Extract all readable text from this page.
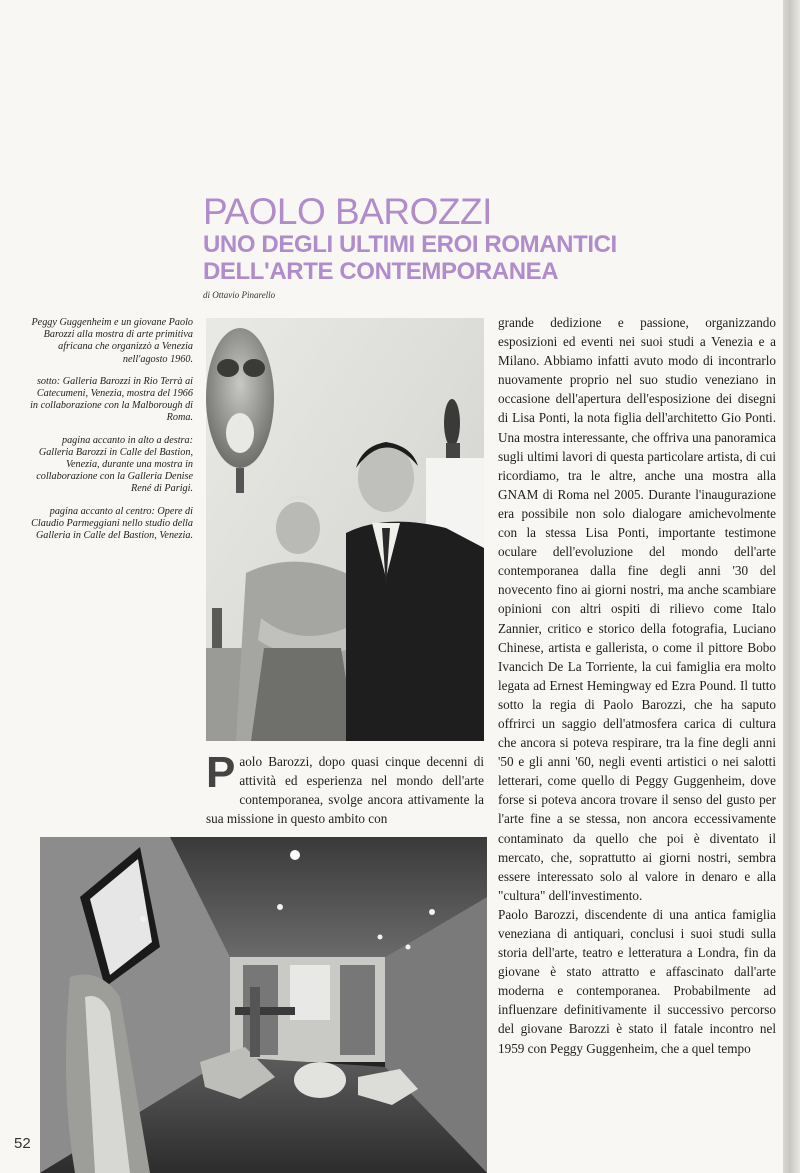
PAOLO BAROZZI
UNO DEGLI ULTIMI EROI ROMANTICI
DELL'ARTE CONTEMPORANEA
di Ottavio Pinarello

Peggy Guggenheim e un giovane Paolo Barozzi alla mostra di arte primitiva africana che organizzò a Venezia nell'agosto 1960.

sotto: Galleria Barozzi in Rio Terrà ai Catecumeni, Venezia, mostra del 1966 in collaborazione con la Malborough di Roma.

pagina accanto in alto a destra: Galleria Barozzi in Calle del Bastion, Venezia, durante una mostra in collaborazione con la Galleria Denise René di Parigi.

pagina accanto al centro: Opere di Claudio Parmeggiani nello studio della Galleria in Calle del Bastion, Venezia.

Paolo Barozzi, dopo quasi cinque decenni di attività ed esperienza nel mondo dell'arte contemporanea, svolge ancora attivamente la sua missione in questo ambito con

grande dedizione e passione, organizzando esposizioni ed eventi nei suoi studi a Venezia e a Milano. Abbiamo infatti avuto modo di incontrarlo nuovamente proprio nel suo studio veneziano in occasione dell'apertura dell'esposizione dei disegni di Lisa Ponti, la nota figlia dell'architetto Gio Ponti. Una mostra interessante, che offriva una panoramica sugli ultimi lavori di questa particolare artista, di cui ricordiamo, tra le altre, anche una mostra alla GNAM di Roma nel 2005. Durante l'inaugurazione era possibile non solo dialogare amichevolmente con la stessa Lisa Ponti, importante testimone oculare dell'evoluzione del mondo dell'arte contemporanea dalla fine degli anni '30 del novecento fino ai giorni nostri, ma anche scambiare opinioni con altri ospiti di rilievo come Italo Zannier, critico e storico della fotografia, Luciano Chinese, artista e gallerista, o come il pittore Bobo Ivancich De La Torriente, la cui famiglia era molto legata ad Ernest Hemingway ed Ezra Pound. Il tutto sotto la regia di Paolo Barozzi, che ha saputo offrirci un saggio dell'atmosfera carica di cultura che ancora si poteva respirare, tra la fine degli anni '50 e gli anni '60, negli eventi artistici o nei salotti letterari, come quello di Peggy Guggenheim, dove forse si poteva ancora trovare il senso del gusto per l'arte fine a se stessa, non ancora eccessivamente contaminato da quello che poi è diventato il mercato, che, soprattutto ai giorni nostri, sembra essere interessato solo al valore in denaro e alla "cultura" dell'investimento.

Paolo Barozzi, discendente di una antica famiglia veneziana di antiquari, conclusi i suoi studi sulla storia dell'arte, teatro e letteratura a Londra, fin da giovane è stato attratto e affascinato dall'arte moderna e contemporanea. Probabilmente ad influenzare definitivamente il successivo percorso del giovane Barozzi è stato il fatale incontro nel 1959 con Peggy Guggenheim, che a quel tempo

52
